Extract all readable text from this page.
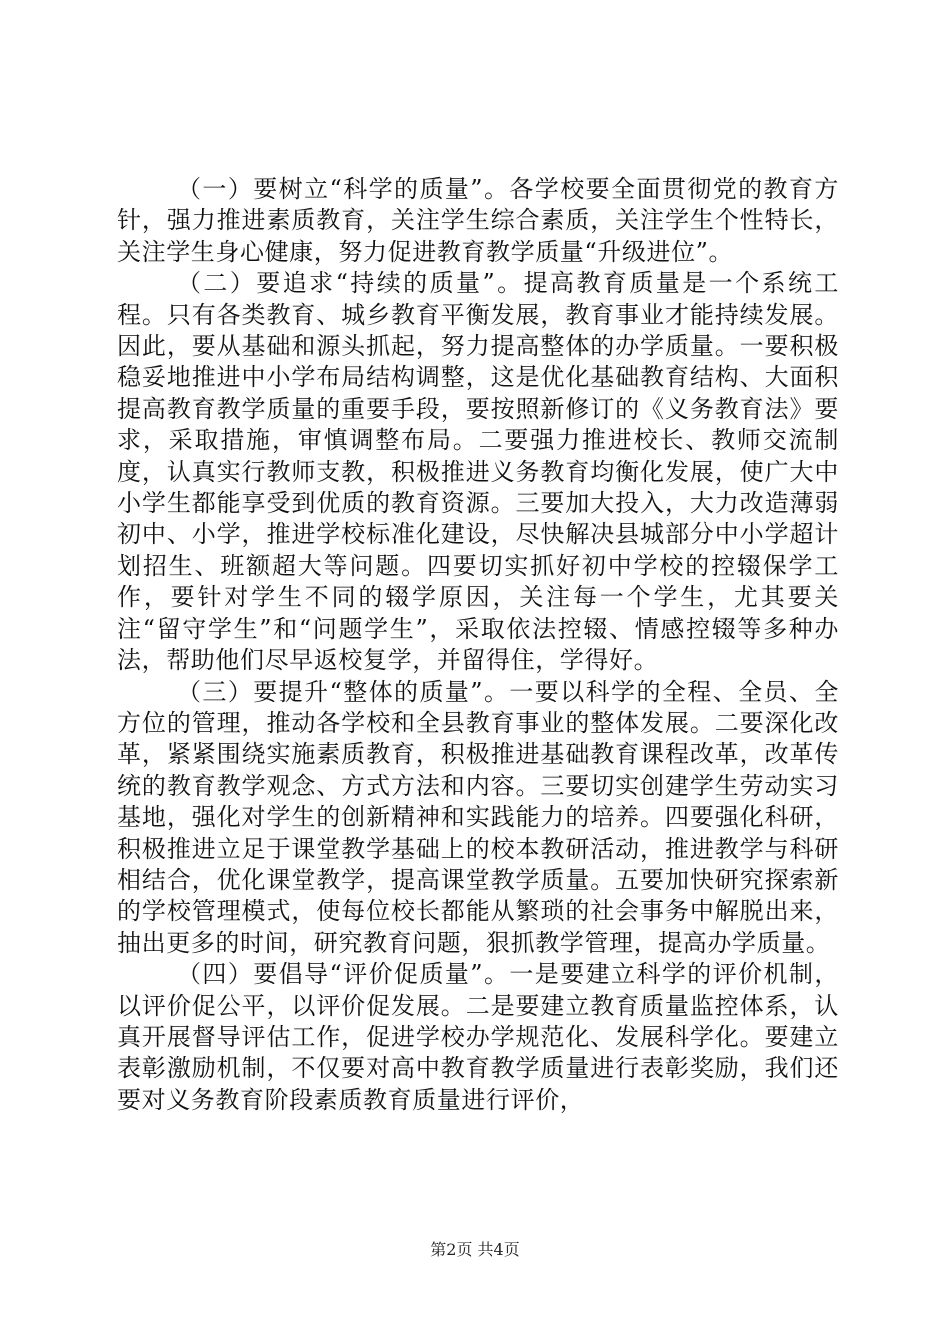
（一）要树立“科学的质量”。各学校要全面贯彻党的教育方针，强力推进素质教育，关注学生综合素质，关注学生个性特长，关注学生身心健康，努力促进教育教学质量“升级进位”。

（二）要追求“持续的质量”。提高教育质量是一个系统工程。只有各类教育、城乡教育平衡发展，教育事业才能持续发展。因此，要从基础和源头抓起，努力提高整体的办学质量。一要积极稳妥地推进中小学布局结构调整，这是优化基础教育结构、大面积提高教育教学质量的重要手段，要按照新修订的《义务教育法》要求，采取措施，审慎调整布局。二要强力推进校长、教师交流制度，认真实行教师支教，积极推进义务教育均衡化发展，使广大中小学生都能享受到优质的教育资源。三要加大投入，大力改造薄弱初中、小学，推进学校标准化建设，尽快解决县城部分中小学超计划招生、班额超大等问题。四要切实抓好初中学校的控辍保学工作，要针对学生不同的辍学原因，关注每一个学生，尤其要关注“留守学生”和“问题学生”，采取依法控辍、情感控辍等多种办法，帮助他们尽早返校复学，并留得住，学得好。

（三）要提升“整体的质量”。一要以科学的全程、全员、全方位的管理，推动各学校和全县教育事业的整体发展。二要深化改革，紧紧围绕实施素质教育，积极推进基础教育课程改革，改革传统的教育教学观念、方式方法和内容。三要切实创建学生劳动实习基地，强化对学生的创新精神和实践能力的培养。四要强化科研，积极推进立足于课堂教学基础上的校本教研活动，推进教学与科研相结合，优化课堂教学，提高课堂教学质量。五要加快研究探索新的学校管理模式，使每位校长都能从繁琐的社会事务中解脱出来，抽出更多的时间，研究教育问题，狠抓教学管理，提高办学质量。

（四）要倡导“评价促质量”。一是要建立科学的评价机制，以评价促公平，以评价促发展。二是要建立教育质量监控体系，认真开展督导评估工作，促进学校办学规范化、发展科学化。要建立表彰激励机制，不仅要对高中教育教学质量进行表彰奖励，我们还要对义务教育阶段素质教育质量进行评价，

第2页 共4页
